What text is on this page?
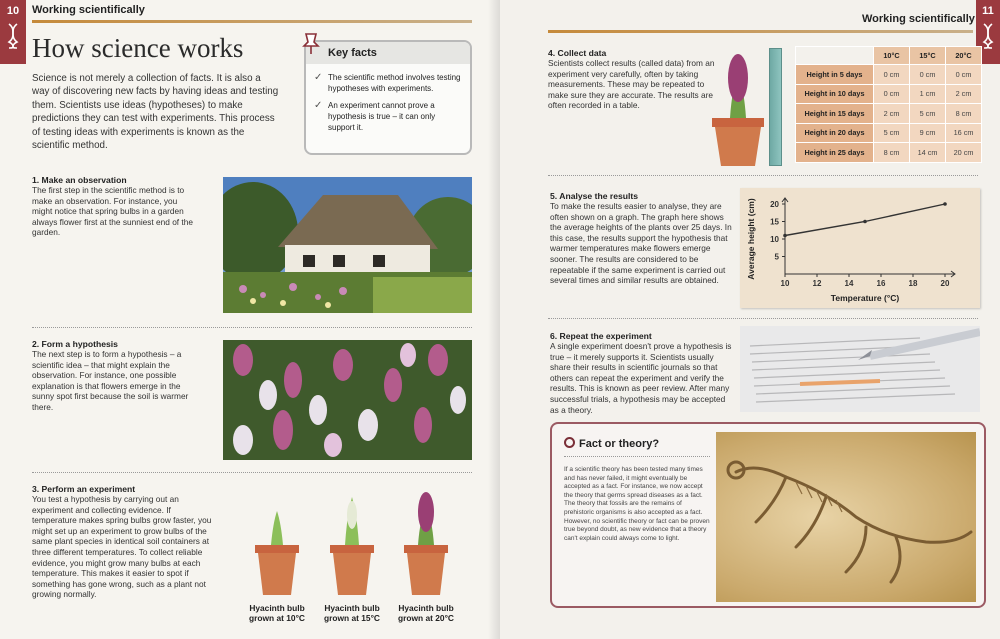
10	Working scientifically
How science works
Science is not merely a collection of facts. It is also a way of discovering new facts by having ideas and testing them. Scientists use ideas (hypotheses) to make predictions they can test with experiments. This process of testing ideas with experiments is known as the scientific method.
Key facts
✓ The scientific method involves testing hypotheses with experiments.
✓ An experiment cannot prove a hypothesis is true – it can only support it.
1. Make an observation
The first step in the scientific method is to make an observation. For instance, you might notice that spring bulbs in a garden always flower first at the sunniest end of the garden.
2. Form a hypothesis
The next step is to form a hypothesis – a scientific idea – that might explain the observation. For instance, one possible explanation is that flowers emerge in the sunny spot first because the soil is warmer there.
3. Perform an experiment
You test a hypothesis by carrying out an experiment and collecting evidence. If temperature makes spring bulbs grow faster, you might set up an experiment to grow bulbs of the same plant species in identical soil containers at three different temperatures. To collect reliable evidence, you might grow many bulbs at each temperature. This makes it easier to spot if something has gone wrong, such as a plant not growing normally.
Hyacinth bulb
grown at 10°C
Hyacinth bulb
grown at 15°C
Hyacinth bulb
grown at 20°C
11
Working scientifically
4. Collect data
Scientists collect results (called data) from an experiment very carefully, often by taking measurements. These may be repeated to make sure they are accurate. The results are often recorded in a table.
	10°C	15°C	20°C
Height in 5 days	0 cm	0 cm	0 cm
Height in 10 days	0 cm	1 cm	2 cm
Height in 15 days	2 cm	5 cm	8 cm
Height in 20 days	5 cm	9 cm	16 cm
Height in 25 days	8 cm	14 cm	20 cm
5. Analyse the results
To make the results easier to analyse, they are often shown on a graph. The graph here shows the average heights of the plants over 25 days. In this case, the results support the hypothesis that warmer temperatures make flowers emerge sooner. The results are considered to be repeatable if the same experiment is carried out several times and similar results are obtained.	10	12	14	16	18	20
5
10
15
20
Temperature (°C)
Average height (cm)
6. Repeat the experiment
A single experiment doesn't prove a hypothesis is true – it merely supports it. Scientists usually share their results in scientific journals so that others can repeat the experiment and verify the results. This is known as peer review. After many successful trials, a hypothesis may be accepted as a theory.
Fact or theory?
If a scientific theory has been tested many times and has never failed, it might eventually be accepted as a fact. For instance, we now accept the theory that germs spread diseases as a fact. The theory that fossils are the remains of prehistoric organisms is also accepted as a fact. However, no scientific theory or fact can be proven true beyond doubt, as new evidence that a theory can't explain could always come to light.
